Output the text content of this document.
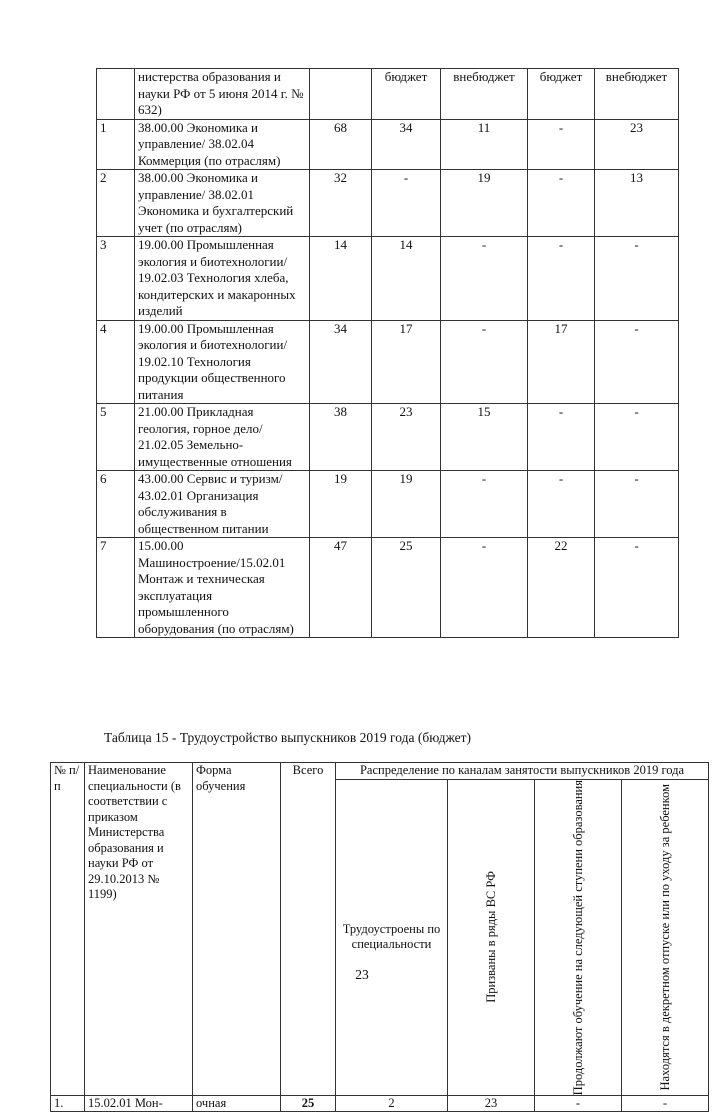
	нистерства образования и науки РФ от 5 июня 2014 г. № 632)		бюджет	внебюджет	бюджет	внебюджет
1	38.00.00 Экономика и управление/ 38.02.04 Коммерция (по отраслям)	68	34	11	-	23
2	38.00.00 Экономика и управление/ 38.02.01 Экономика и бухгалтерский учет (по отраслям)	32	-	19	-	13
3	19.00.00 Промышленная экология и биотехнологии/ 19.02.03 Технология хлеба, кондитерских и макаронных изделий	14	14	-	-	-
4	19.00.00 Промышленная экология и биотехнологии/ 19.02.10 Технология продукции общественного питания	34	17	-	17	-
5	21.00.00 Прикладная геология, горное дело/ 21.02.05 Земельно-имущественные отношения	38	23	15	-	-
6	43.00.00 Сервис и туризм/ 43.02.01 Организация обслуживания в общественном питании	19	19	-	-	-
7	15.00.00 Машиностроение/15.02.01 Монтаж и техническая эксплуатация промышленного оборудования (по отраслям)	47	25	-	22	-
Таблица 15 - Трудоустройство выпускников 2019 года (бюджет)
№ п/п	Наименование специальности (в соответствии с приказом Министерства образования и науки РФ от 29.10.2013 № 1199)	Форма обучения	Всего	Распределение по каналам занятости выпускников 2019 года			
				Трудоустроены по специальности	Призваны в ряды ВС РФ	Продолжают обучение на следующей ступени образования	Находятся в декретном отпуске или по уходу за ребенком

1.	15.02.01 Мон-	очная	25	2	23	-	-
23
